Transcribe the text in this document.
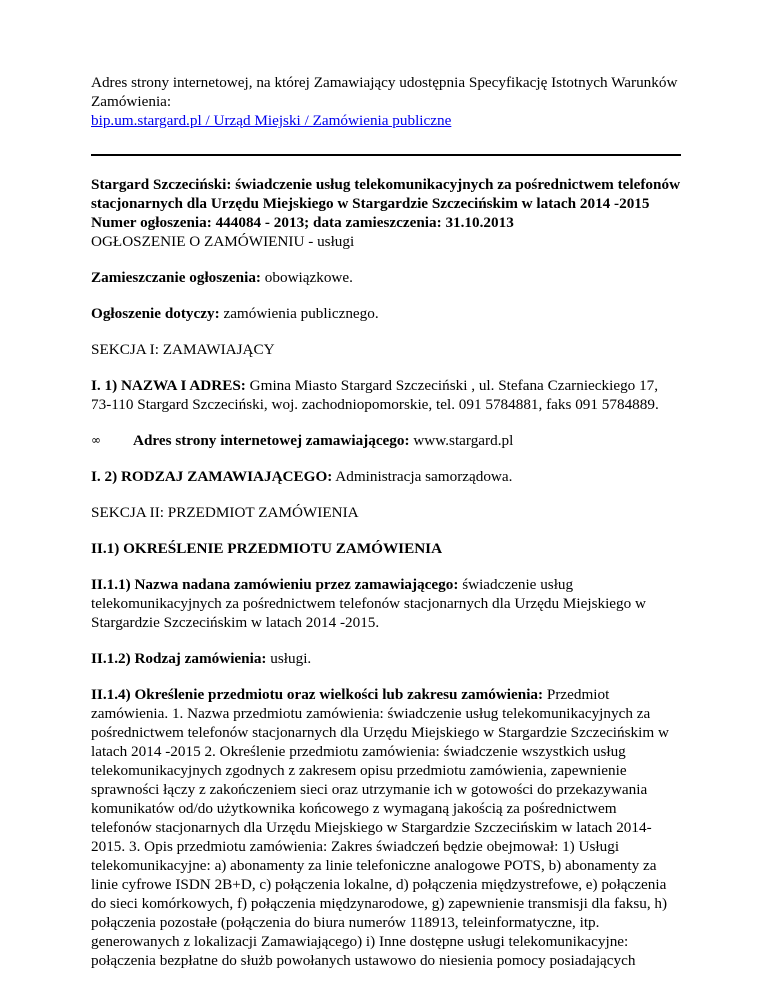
Adres strony internetowej, na której Zamawiający udostępnia Specyfikację Istotnych Warunków Zamówienia:

bip.um.stargard.pl / Urząd Miejski / Zamówienia publiczne

Stargard Szczeciński: świadczenie usług telekomunikacyjnych za pośrednictwem telefonów stacjonarnych dla Urzędu Miejskiego w Stargardzie Szczecińskim w latach 2014 -2015
Numer ogłoszenia: 444084 - 2013; data zamieszczenia: 31.10.2013
OGŁOSZENIE O ZAMÓWIENIU - usługi

Zamieszczanie ogłoszenia: obowiązkowe.

Ogłoszenie dotyczy: zamówienia publicznego.

SEKCJA I: ZAMAWIAJĄCY

I. 1) NAZWA I ADRES: Gmina Miasto Stargard Szczeciński , ul. Stefana Czarnieckiego 17, 73-110 Stargard Szczeciński, woj. zachodniopomorskie, tel. 091 5784881, faks 091 5784889.

∞ Adres strony internetowej zamawiającego: www.stargard.pl

I. 2) RODZAJ ZAMAWIAJĄCEGO: Administracja samorządowa.

SEKCJA II: PRZEDMIOT ZAMÓWIENIA

II.1) OKREŚLENIE PRZEDMIOTU ZAMÓWIENIA

II.1.1) Nazwa nadana zamówieniu przez zamawiającego: świadczenie usług telekomunikacyjnych za pośrednictwem telefonów stacjonarnych dla Urzędu Miejskiego w Stargardzie Szczecińskim w latach 2014 -2015.

II.1.2) Rodzaj zamówienia: usługi.

II.1.4) Określenie przedmiotu oraz wielkości lub zakresu zamówienia: Przedmiot zamówienia. 1. Nazwa przedmiotu zamówienia: świadczenie usług telekomunikacyjnych za pośrednictwem telefonów stacjonarnych dla Urzędu Miejskiego w Stargardzie Szczecińskim w latach 2014 -2015 2. Określenie przedmiotu zamówienia: świadczenie wszystkich usług telekomunikacyjnych zgodnych z zakresem opisu przedmiotu zamówienia, zapewnienie sprawności łączy z zakończeniem sieci oraz utrzymanie ich w gotowości do przekazywania komunikatów od/do użytkownika końcowego z wymaganą jakością za pośrednictwem telefonów stacjonarnych dla Urzędu Miejskiego w Stargardzie Szczecińskim w latach 2014-2015. 3. Opis przedmiotu zamówienia: Zakres świadczeń będzie obejmował: 1) Usługi telekomunikacyjne: a) abonamenty za linie telefoniczne analogowe POTS, b) abonamenty za linie cyfrowe ISDN 2B+D, c) połączenia lokalne, d) połączenia międzystrefowe, e) połączenia do sieci komórkowych, f) połączenia międzynarodowe, g) zapewnienie transmisji dla faksu, h) połączenia pozostałe (połączenia do biura numerów 118913, teleinformatyczne, itp. generowanych z lokalizacji Zamawiającego) i) Inne dostępne usługi telekomunikacyjne: połączenia bezpłatne do służb powołanych ustawowo do niesienia pomocy posiadających
